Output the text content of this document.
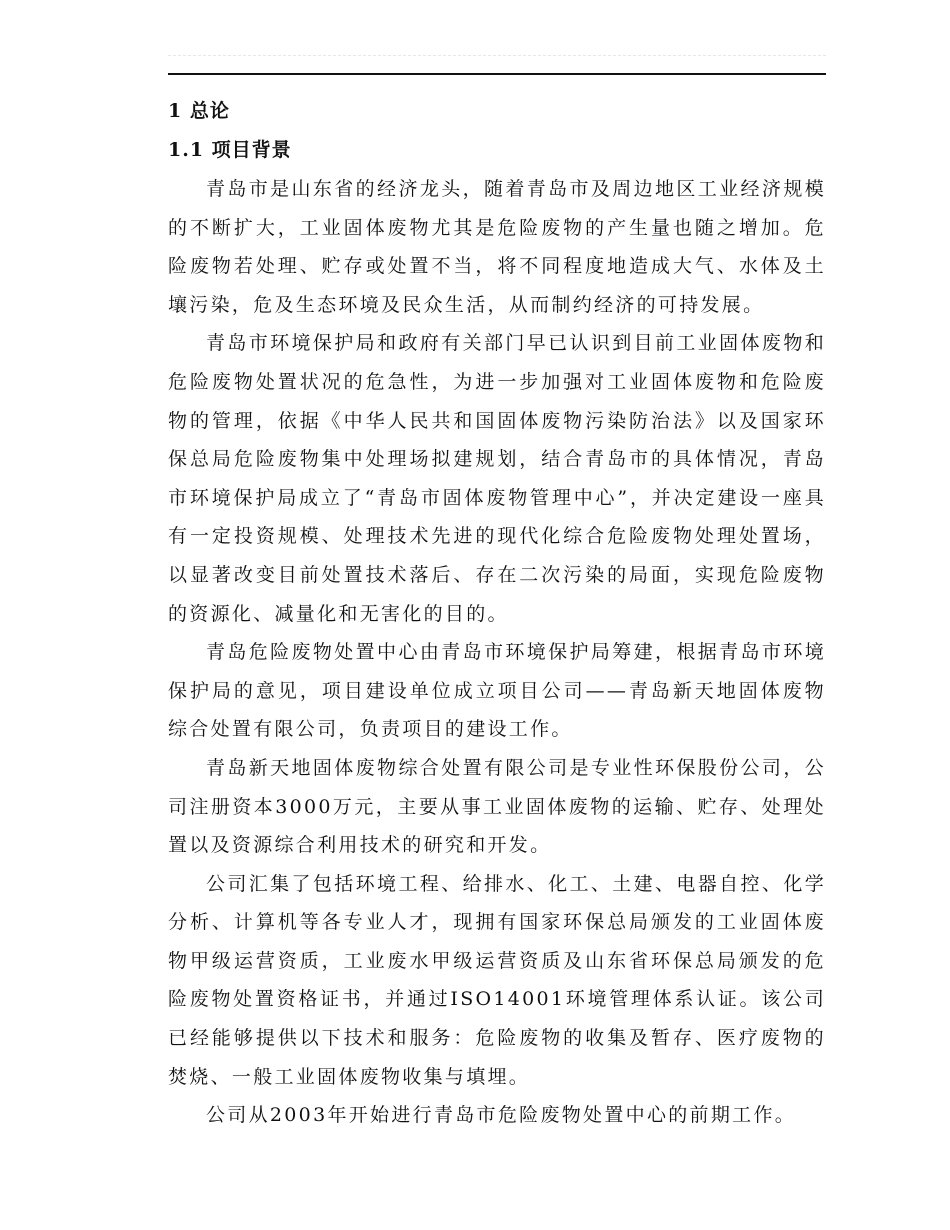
1 总论
1.1 项目背景

青岛市是山东省的经济龙头，随着青岛市及周边地区工业经济规模的不断扩大，工业固体废物尤其是危险废物的产生量也随之增加。危险废物若处理、贮存或处置不当，将不同程度地造成大气、水体及土壤污染，危及生态环境及民众生活，从而制约经济的可持发展。

青岛市环境保护局和政府有关部门早已认识到目前工业固体废物和危险废物处置状况的危急性，为进一步加强对工业固体废物和危险废物的管理，依据《中华人民共和国固体废物污染防治法》以及国家环保总局危险废物集中处理场拟建规划，结合青岛市的具体情况，青岛市环境保护局成立了“青岛市固体废物管理中心”，并决定建设一座具有一定投资规模、处理技术先进的现代化综合危险废物处理处置场，以显著改变目前处置技术落后、存在二次污染的局面，实现危险废物的资源化、减量化和无害化的目的。

青岛危险废物处置中心由青岛市环境保护局筹建，根据青岛市环境保护局的意见，项目建设单位成立项目公司——青岛新天地固体废物综合处置有限公司，负责项目的建设工作。

青岛新天地固体废物综合处置有限公司是专业性环保股份公司，公司注册资本3000万元，主要从事工业固体废物的运输、贮存、处理处置以及资源综合利用技术的研究和开发。

公司汇集了包括环境工程、给排水、化工、土建、电器自控、化学分析、计算机等各专业人才，现拥有国家环保总局颁发的工业固体废物甲级运营资质，工业废水甲级运营资质及山东省环保总局颁发的危险废物处置资格证书，并通过ISO14001环境管理体系认证。该公司已经能够提供以下技术和服务：危险废物的收集及暂存、医疗废物的焚烧、一般工业固体废物收集与填埋。

公司从2003年开始进行青岛市危险废物处置中心的前期工作。
